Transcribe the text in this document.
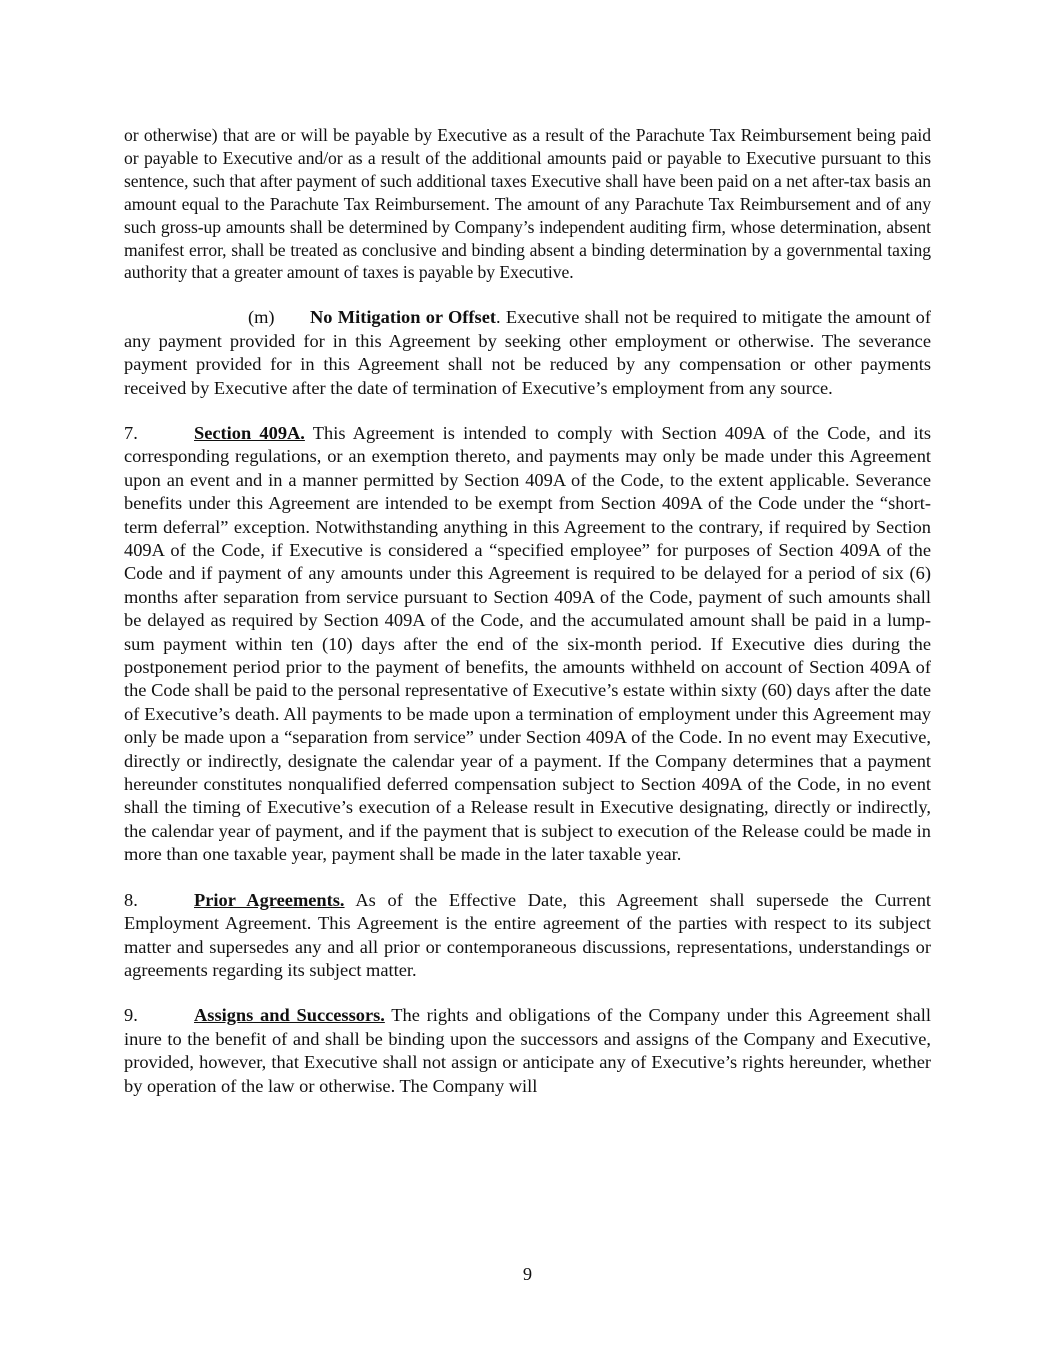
or otherwise) that are or will be payable by Executive as a result of the Parachute Tax Reimbursement being paid or payable to Executive and/or as a result of the additional amounts paid or payable to Executive pursuant to this sentence, such that after payment of such additional taxes Executive shall have been paid on a net after-tax basis an amount equal to the Parachute Tax Reimbursement. The amount of any Parachute Tax Reimbursement and of any such gross-up amounts shall be determined by Company’s independent auditing firm, whose determination, absent manifest error, shall be treated as conclusive and binding absent a binding determination by a governmental taxing authority that a greater amount of taxes is payable by Executive.

(m) No Mitigation or Offset. Executive shall not be required to mitigate the amount of any payment provided for in this Agreement by seeking other employment or otherwise. The severance payment provided for in this Agreement shall not be reduced by any compensation or other payments received by Executive after the date of termination of Executive’s employment from any source.

7.	Section 409A. This Agreement is intended to comply with Section 409A of the Code, and its corresponding regulations, or an exemption thereto, and payments may only be made under this Agreement upon an event and in a manner permitted by Section 409A of the Code, to the extent applicable. Severance benefits under this Agreement are intended to be exempt from Section 409A of the Code under the “short-term deferral” exception. Notwithstanding anything in this Agreement to the contrary, if required by Section 409A of the Code, if Executive is considered a “specified employee” for purposes of Section 409A of the Code and if payment of any amounts under this Agreement is required to be delayed for a period of six (6) months after separation from service pursuant to Section 409A of the Code, payment of such amounts shall be delayed as required by Section 409A of the Code, and the accumulated amount shall be paid in a lump-sum payment within ten (10) days after the end of the six-month period. If Executive dies during the postponement period prior to the payment of benefits, the amounts withheld on account of Section 409A of the Code shall be paid to the personal representative of Executive’s estate within sixty (60) days after the date of Executive’s death. All payments to be made upon a termination of employment under this Agreement may only be made upon a “separation from service” under Section 409A of the Code. In no event may Executive, directly or indirectly, designate the calendar year of a payment. If the Company determines that a payment hereunder constitutes nonqualified deferred compensation subject to Section 409A of the Code, in no event shall the timing of Executive’s execution of a Release result in Executive designating, directly or indirectly, the calendar year of payment, and if the payment that is subject to execution of the Release could be made in more than one taxable year, payment shall be made in the later taxable year.

8.	Prior Agreements. As of the Effective Date, this Agreement shall supersede the Current Employment Agreement. This Agreement is the entire agreement of the parties with respect to its subject matter and supersedes any and all prior or contemporaneous discussions, representations, understandings or agreements regarding its subject matter.

9.	Assigns and Successors. The rights and obligations of the Company under this Agreement shall inure to the benefit of and shall be binding upon the successors and assigns of the Company and Executive, provided, however, that Executive shall not assign or anticipate any of Executive’s rights hereunder, whether by operation of the law or otherwise. The Company will

9
